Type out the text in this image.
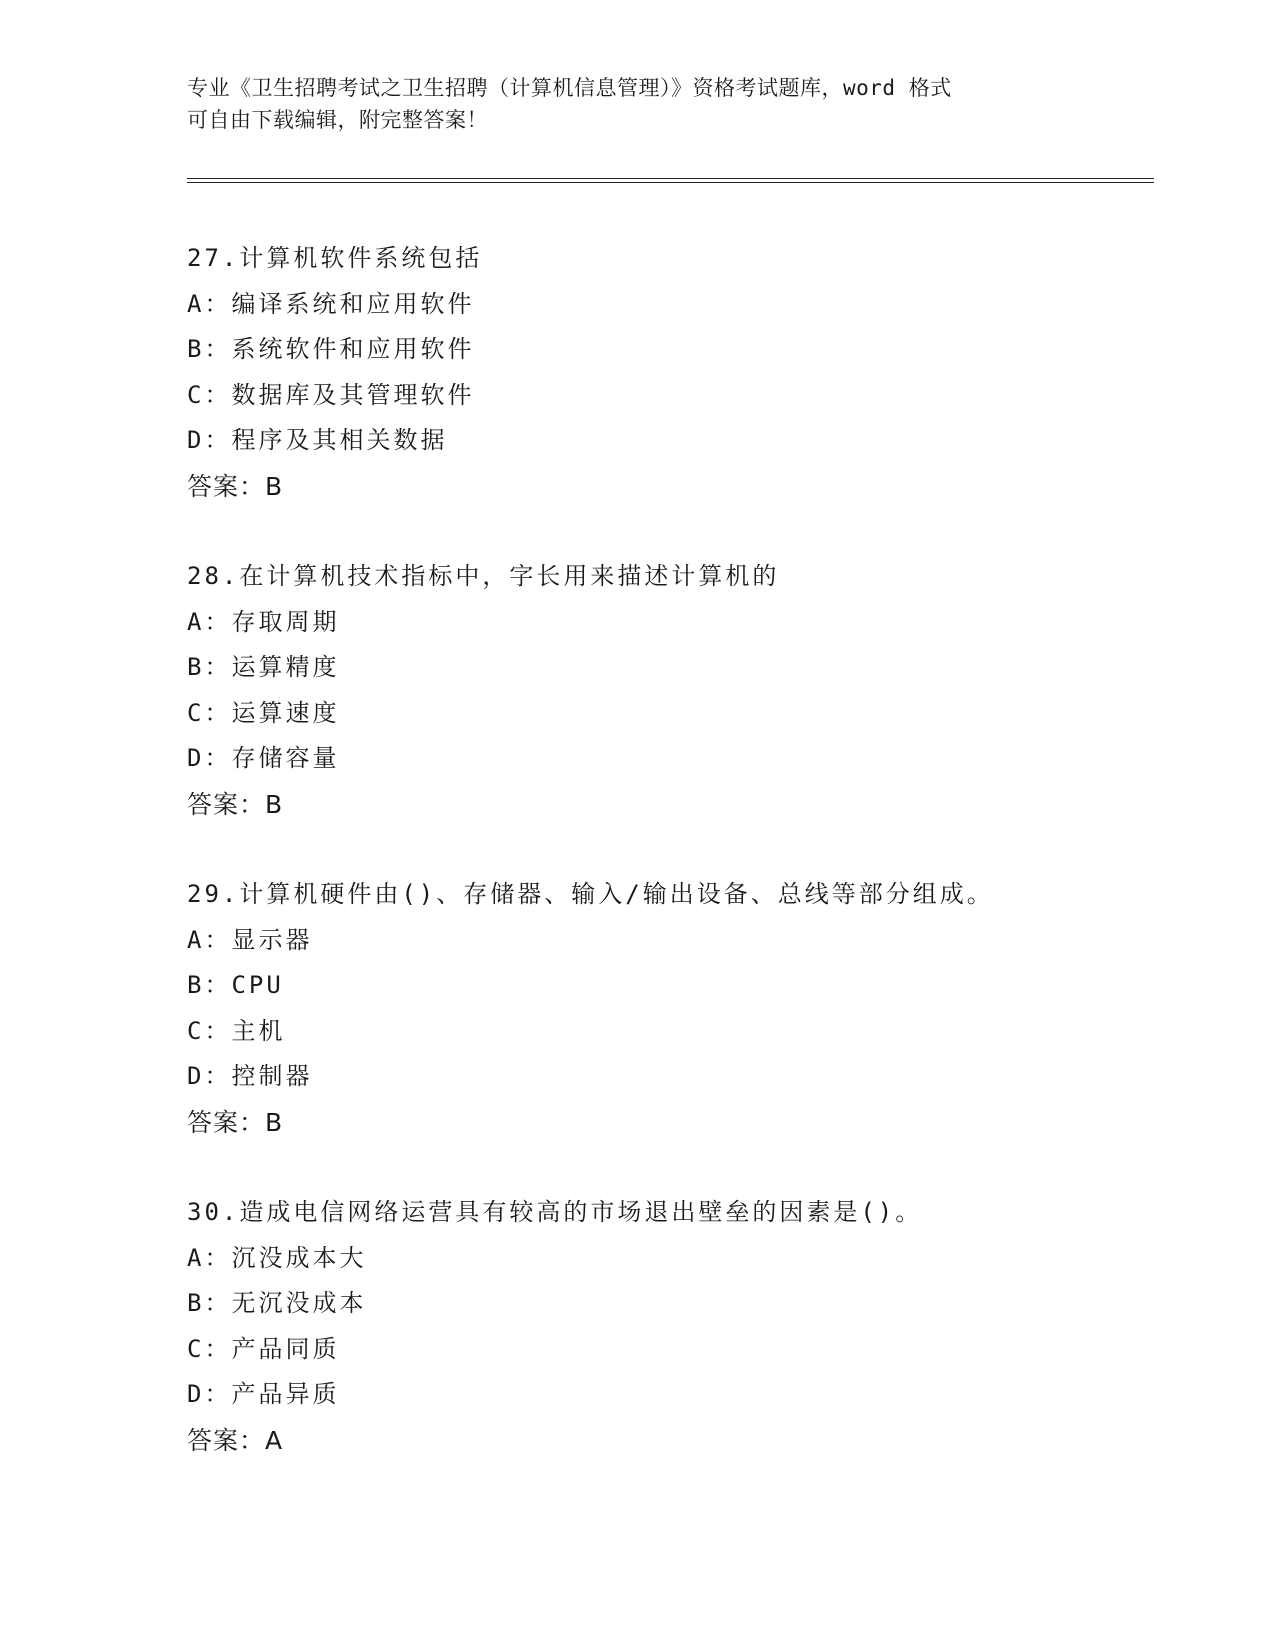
专业《卫生招聘考试之卫生招聘（计算机信息管理）》资格考试题库，word 格式
可自由下载编辑，附完整答案！
27.计算机软件系统包括
A：编译系统和应用软件
B：系统软件和应用软件
C：数据库及其管理软件
D：程序及其相关数据
答案：B
28.在计算机技术指标中，字长用来描述计算机的
A：存取周期
B：运算精度
C：运算速度
D：存储容量
答案：B
29.计算机硬件由()、存储器、输入/输出设备、总线等部分组成。
A：显示器
B：CPU
C：主机
D：控制器
答案：B
30.造成电信网络运营具有较高的市场退出壁垒的因素是()。
A：沉没成本大
B：无沉没成本
C：产品同质
D：产品异质
答案：A
